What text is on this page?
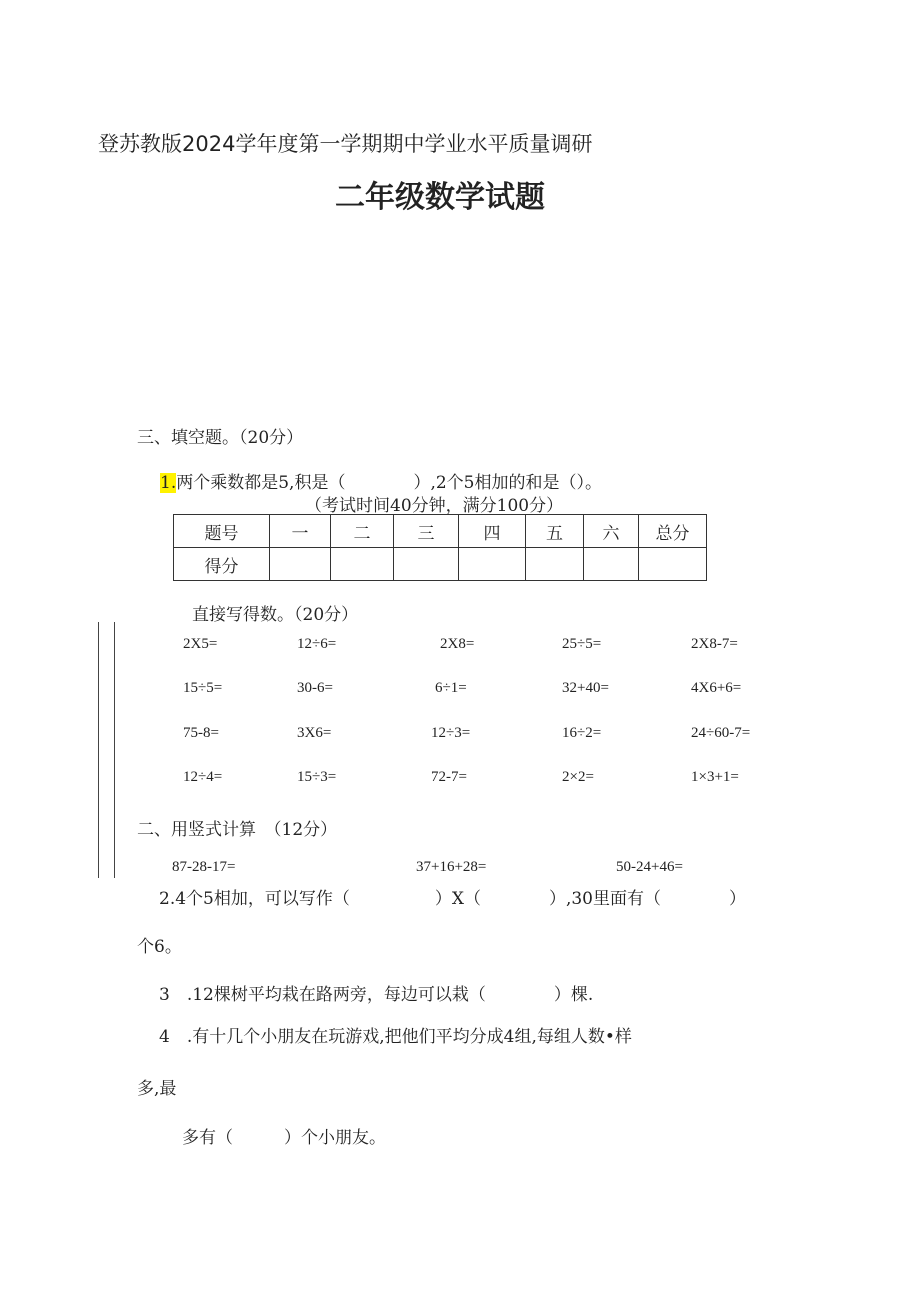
登苏教版2024学年度第一学期期中学业水平质量调研
二年级数学试题
三、填空题。（20分）
1.两个乘数都是5,积是（　　　　）,2个5相加的和是（）。
（考试时间40分钟，满分100分）
题号	一	二	三	四	五	六	总分
得分							
直接写得数。（20分）
2X5=	12÷6=	2X8=	25÷5=	2X8-7=
15÷5=	30-6=	6÷1=	32+40=	4X6+6=
75-8=	3X6=	12÷3=	16÷2=	24÷60-7=
12÷4=	15÷3=	72-7=	2×2=	1×3+1=
二、用竖式计算　（12分）
87-28-17=	37+16+28=	50-24+46=
2.4个5相加，可以写作（　　　　　）X（　　　　）,30里面有（　　　　）
个6。
3　.12棵树平均栽在路两旁，每边可以栽（　　　　）棵.
4　.有十几个小朋友在玩游戏,把他们平均分成4组,每组人数•样
多,最
多有（　　　）个小朋友。
